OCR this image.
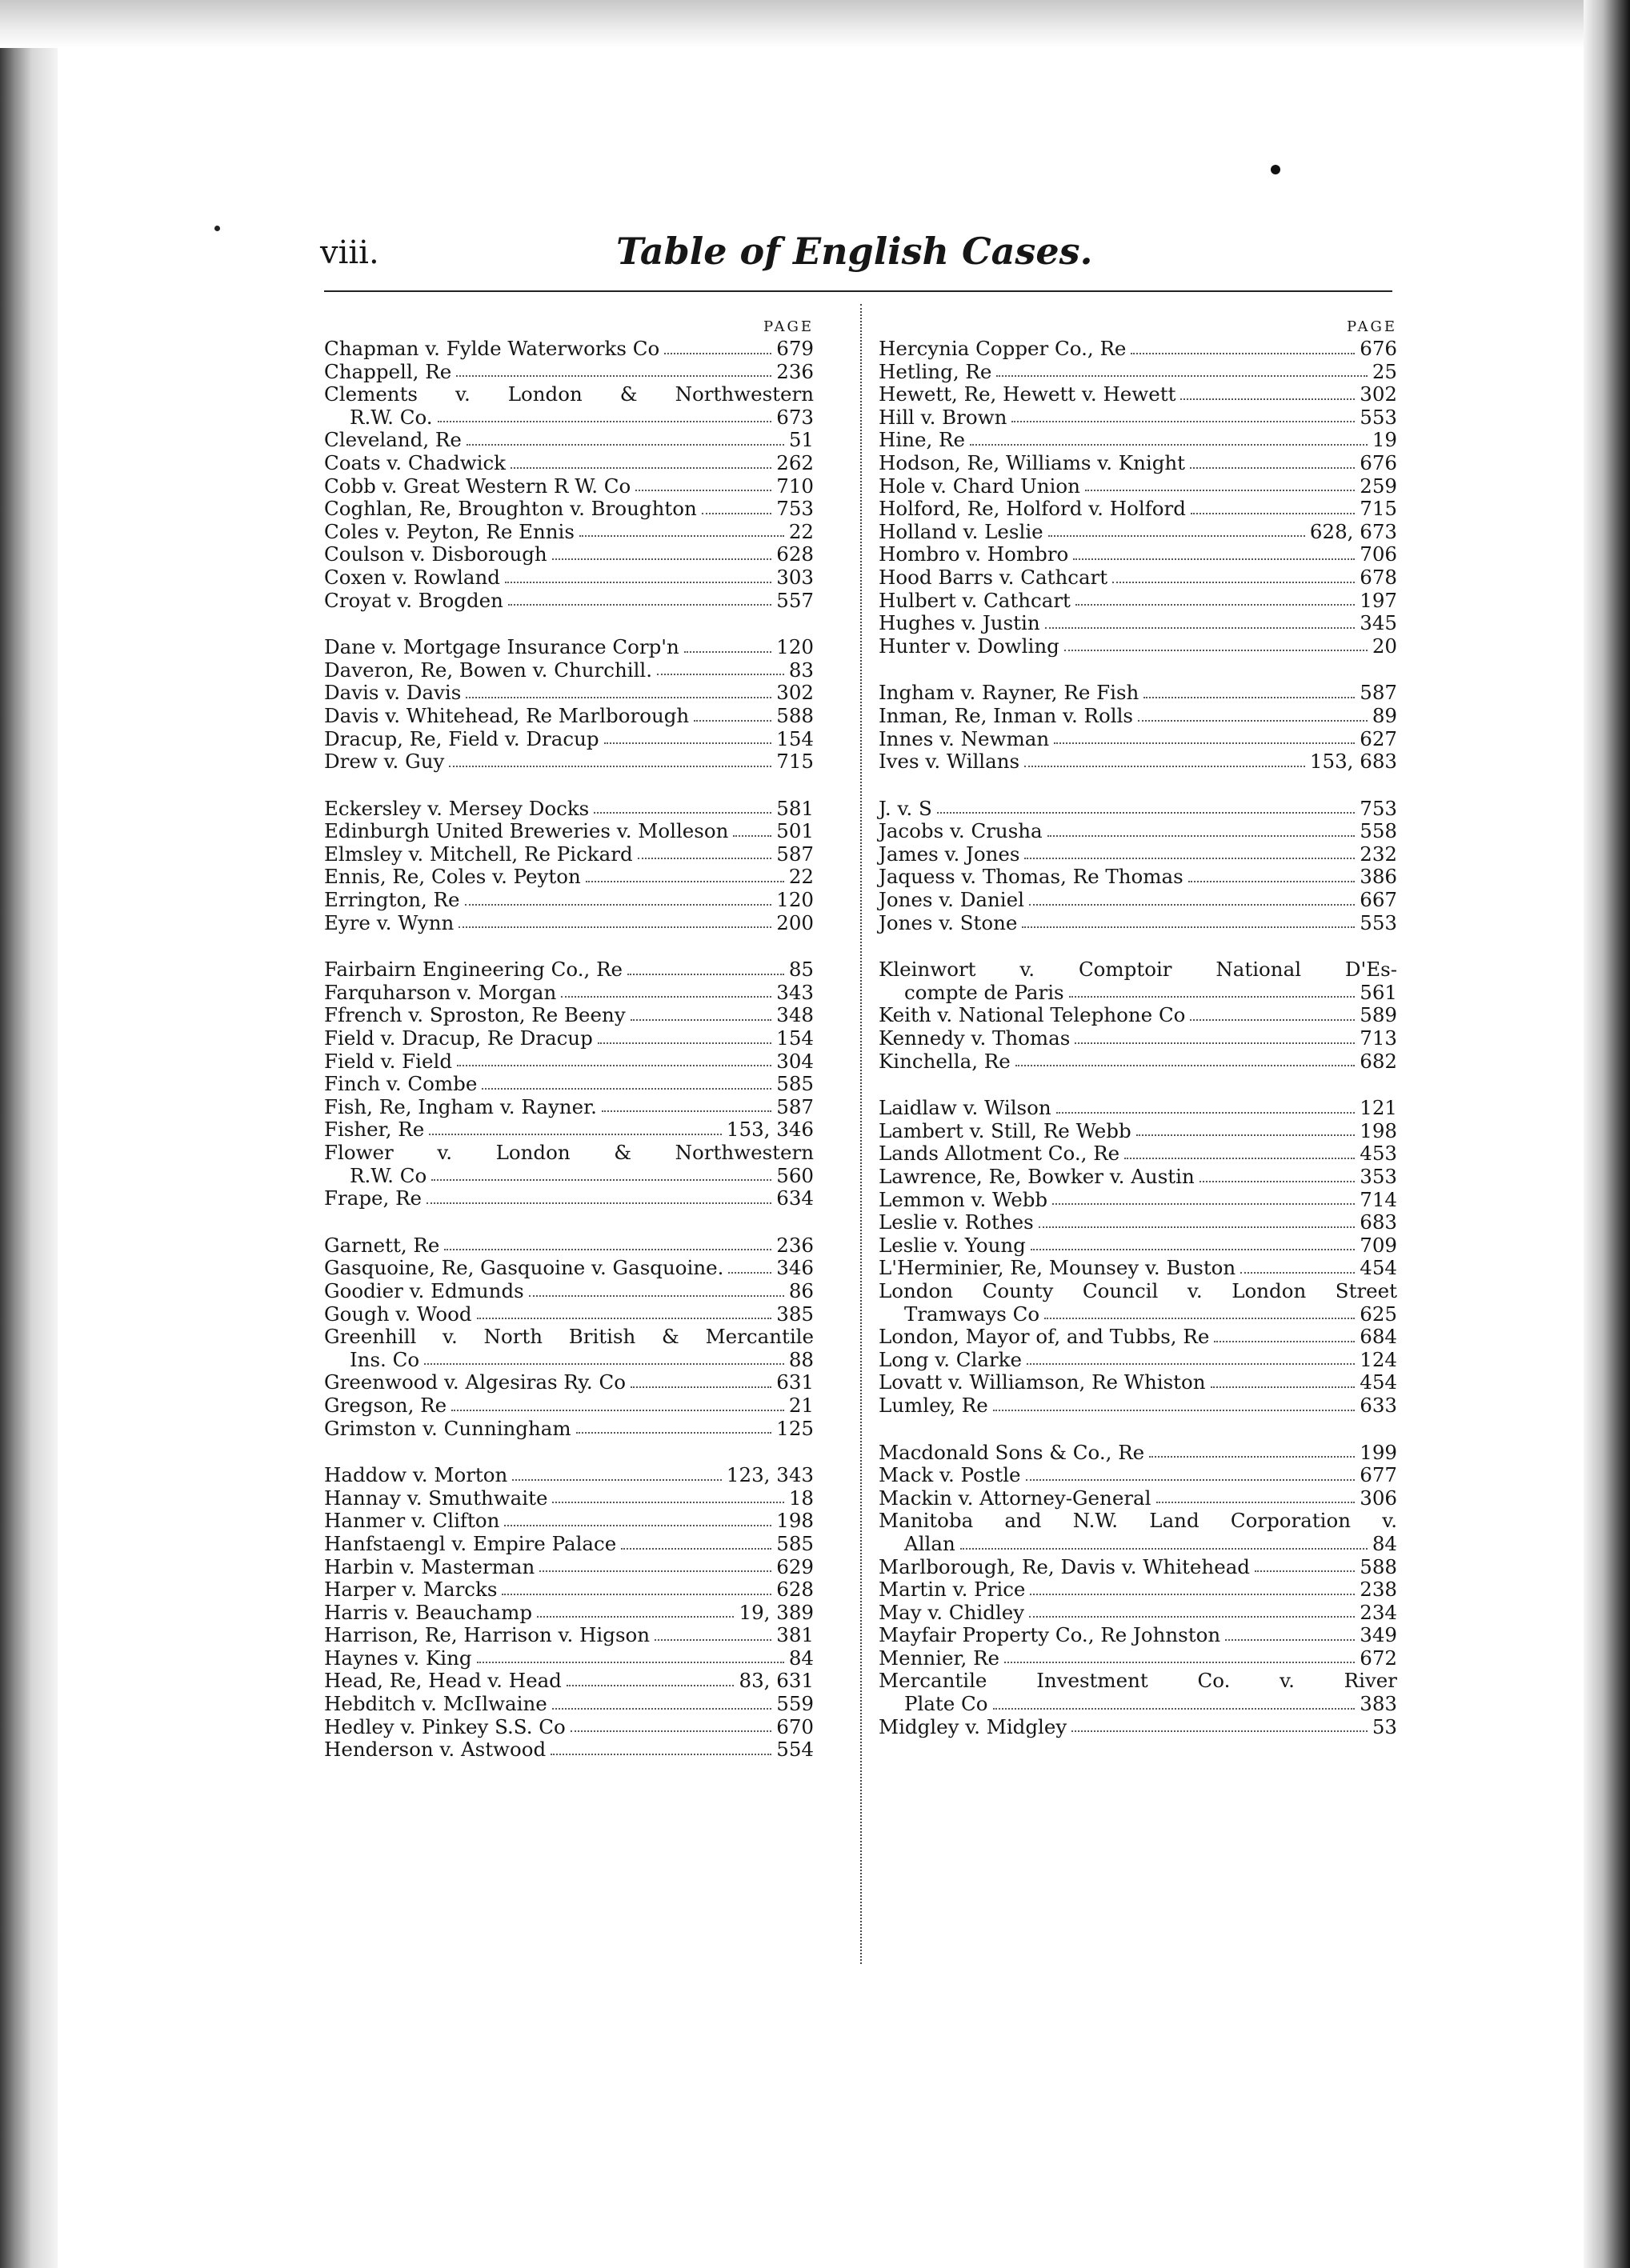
viii.	Table of English Cases.
PAGE
Chapman v. Fylde Waterworks Co	679
Chappell, Re	236
Clements v. London & Northwestern
R.W. Co.	673
Cleveland, Re	51
Coats v. Chadwick	262
Cobb v. Great Western R W. Co	710
Coghlan, Re, Broughton v. Broughton	753
Coles v. Peyton, Re Ennis	22
Coulson v. Disborough	628
Coxen v. Rowland	303
Croyat v. Brogden	557
Dane v. Mortgage Insurance Corp'n	120
Daveron, Re, Bowen v. Churchill.	83
Davis v. Davis	302
Davis v. Whitehead, Re Marlborough	588
Dracup, Re, Field v. Dracup	154
Drew v. Guy	715
Eckersley v. Mersey Docks	581
Edinburgh United Breweries v. Molleson 501
Elmsley v. Mitchell, Re Pickard	587
Ennis, Re, Coles v. Peyton	22
Errington, Re	120
Eyre v. Wynn	200
Fairbairn Engineering Co., Re	85
Farquharson v. Morgan	343
Ffrench v. Sproston, Re Beeny	348
Field v. Dracup, Re Dracup	154
Field v. Field	304
Finch v. Combe	585
Fish, Re, Ingham v. Rayner.	587
Fisher, Re	153, 346
Flower v. London & Northwestern
R.W. Co	560
Frape, Re	634
Garnett, Re	236
Gasquoine, Re, Gasquoine v. Gasquoine.	346
Goodier v. Edmunds	86
Gough v. Wood	385
Greenhill v. North British & Mercantile
Ins. Co	88
Greenwood v. Algesiras Ry. Co	631
Gregson, Re	21
Grimston v. Cunningham	125
Haddow v. Morton	123, 343
Hannay v. Smuthwaite	18
Hanmer v. Clifton	198
Hanfstaengl v. Empire Palace	585
Harbin v. Masterman	629
Harper v. Marcks	628
Harris v. Beauchamp	19, 389
Harrison, Re, Harrison v. Higson	381
Haynes v. King	84
Head, Re, Head v. Head	83, 631
Hebditch v. McIlwaine	559
Hedley v. Pinkey S.S. Co	670
Henderson v. Astwood	554
PAGE
Hercynia Copper Co., Re	676
Hetling, Re	25
Hewett, Re, Hewett v. Hewett	302
Hill v. Brown	553
Hine, Re	19
Hodson, Re, Williams v. Knight	676
Hole v. Chard Union	259
Holford, Re, Holford v. Holford	715
Holland v. Leslie	628, 673
Hombro v. Hombro	706
Hood Barrs v. Cathcart	678
Hulbert v. Cathcart	197
Hughes v. Justin	345
Hunter v. Dowling	20
Ingham v. Rayner, Re Fish	587
Inman, Re, Inman v. Rolls	89
Innes v. Newman	627
Ives v. Willans	153, 683
J. v. S	753
Jacobs v. Crusha	558
James v. Jones	232
Jaquess v. Thomas, Re Thomas	386
Jones v. Daniel	667
Jones v. Stone	553
Kleinwort v. Comptoir National D'Es-
compte de Paris	561
Keith v. National Telephone Co	589
Kennedy v. Thomas	713
Kinchella, Re	682
Laidlaw v. Wilson	121
Lambert v. Still, Re Webb	198
Lands Allotment Co., Re	453
Lawrence, Re, Bowker v. Austin	353
Lemmon v. Webb	714
Leslie v. Rothes	683
Leslie v. Young	709
L'Herminier, Re, Mounsey v. Buston	454
London County Council v. London Street
Tramways Co	625
London, Mayor of, and Tubbs, Re	684
Long v. Clarke	124
Lovatt v. Williamson, Re Whiston	454
Lumley, Re	633
Macdonald Sons & Co., Re	199
Mack v. Postle	677
Mackin v. Attorney-General	306
Manitoba and N.W. Land Corporation v.
Allan	84
Marlborough, Re, Davis v. Whitehead	588
Martin v. Price	238
May v. Chidley	234
Mayfair Property Co., Re Johnston	349
Mennier, Re	672
Mercantile Investment Co. v. River
Plate Co	383
Midgley v. Midgley	53
